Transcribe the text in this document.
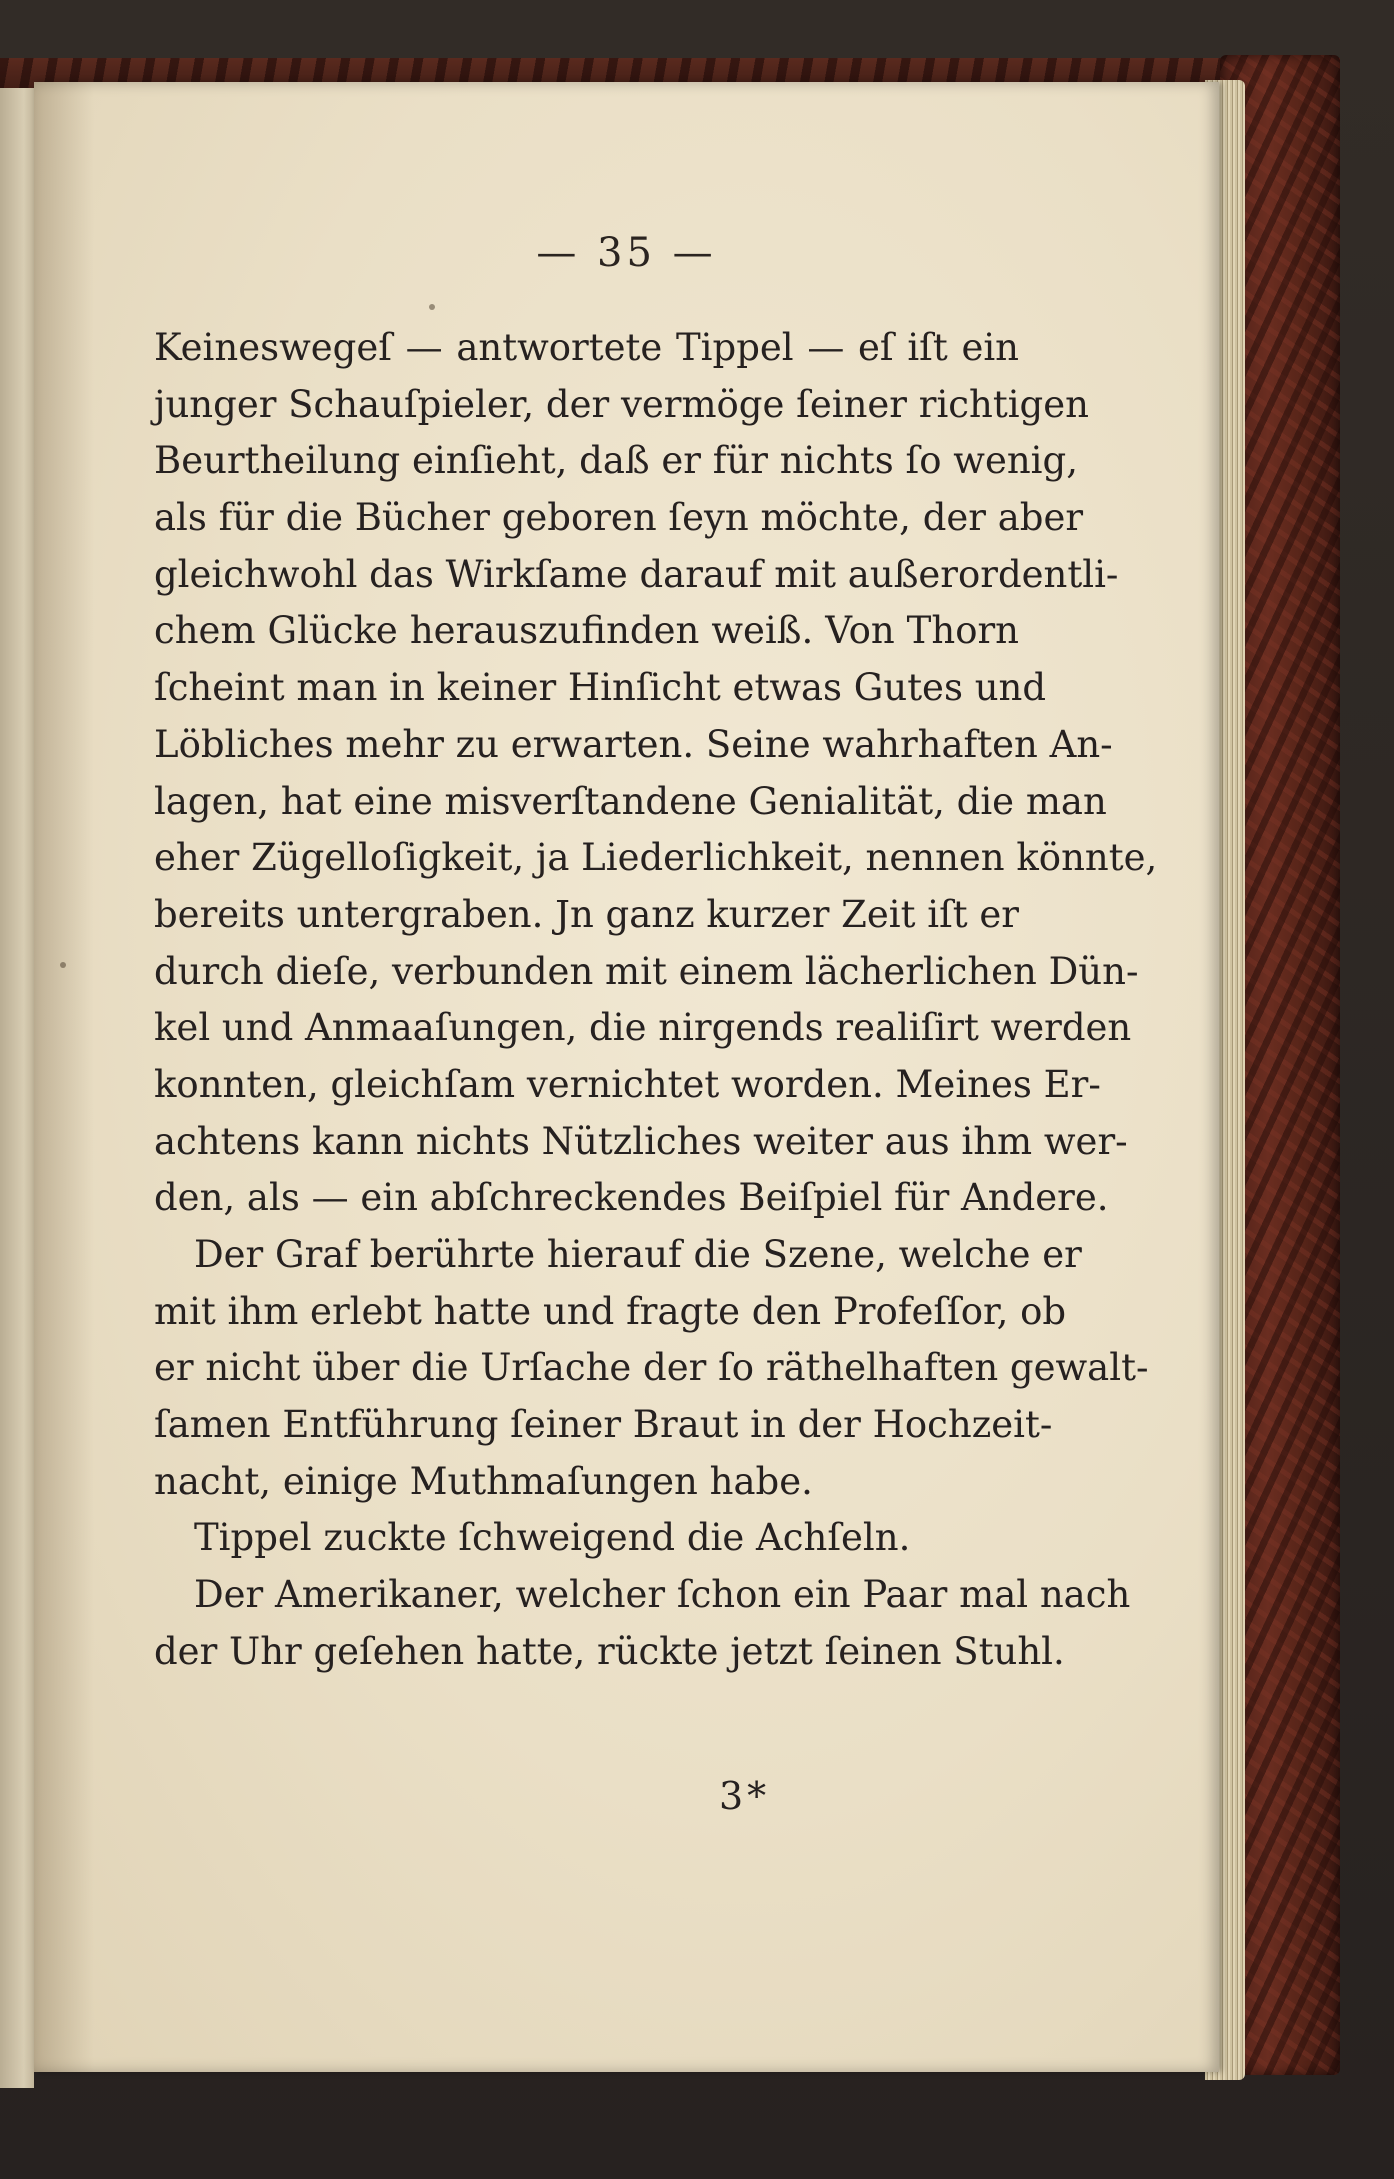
— 35 —
Keineswegeſ — antwortete Tippel — eſ iſt ein
junger Schauſpieler, der vermöge ſeiner richtigen
Beurtheilung einſieht, daß er für nichts ſo wenig,
als für die Bücher geboren ſeyn möchte, der aber
gleichwohl das Wirkſame darauf mit außerordentli-
chem Glücke herauszufinden weiß. Von Thorn
ſcheint man in keiner Hinſicht etwas Gutes und
Löbliches mehr zu erwarten. Seine wahrhaften An-
lagen, hat eine misverſtandene Genialität, die man
eher Zügelloſigkeit, ja Liederlichkeit, nennen könnte,
bereits untergraben. Jn ganz kurzer Zeit iſt er
durch dieſe, verbunden mit einem lächerlichen Dün-
kel und Anmaaſungen, die nirgends realiſirt werden
konnten, gleichſam vernichtet worden. Meines Er-
achtens kann nichts Nützliches weiter aus ihm wer-
den, als — ein abſchreckendes Beiſpiel für Andere.
Der Graf berührte hierauf die Szene, welche er
mit ihm erlebt hatte und fragte den Profeſſor, ob
er nicht über die Urſache der ſo räthelhaften gewalt-
ſamen Entführung ſeiner Braut in der Hochzeit-
nacht, einige Muthmaſungen habe.
Tippel zuckte ſchweigend die Achſeln.
Der Amerikaner, welcher ſchon ein Paar mal nach
der Uhr geſehen hatte, rückte jetzt ſeinen Stuhl.
3*
